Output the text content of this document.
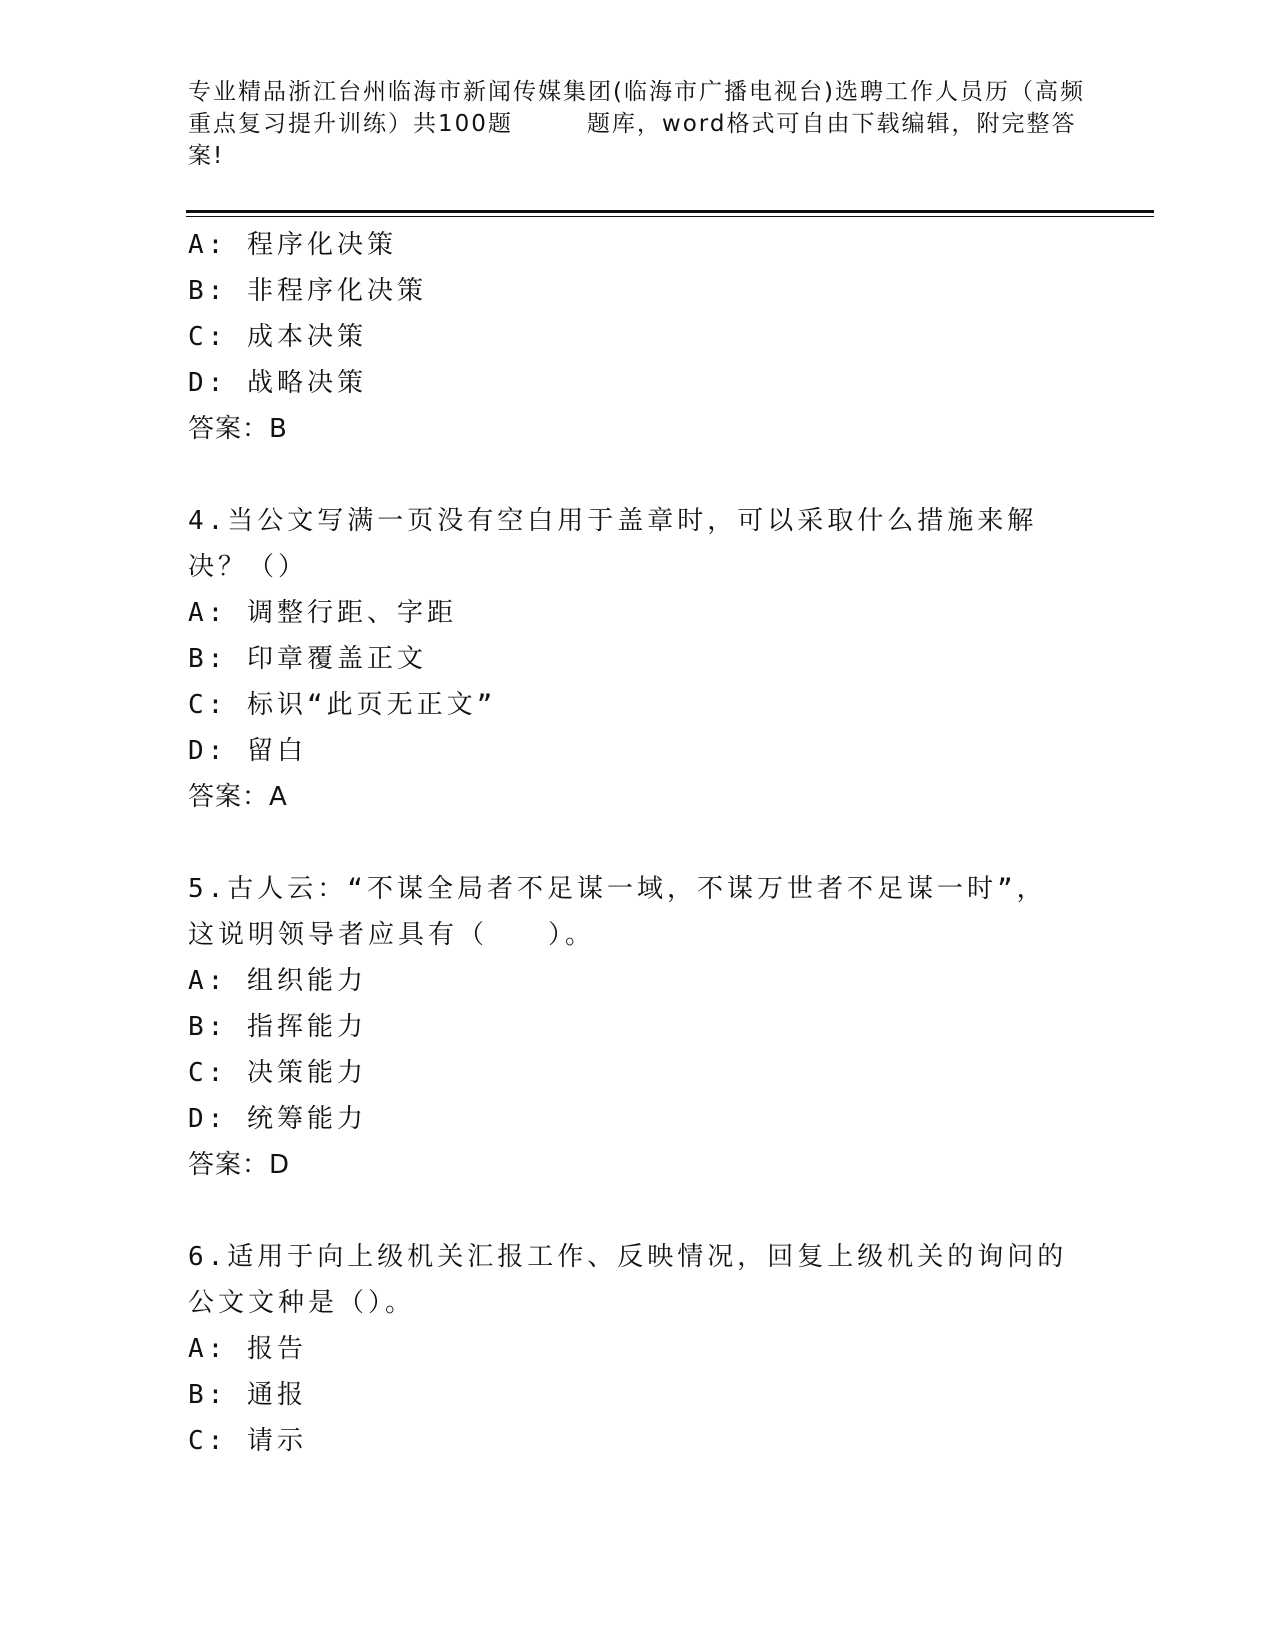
专业精品浙江台州临海市新闻传媒集团(临海市广播电视台)选聘工作人员历（高频重点复习提升训练）共100题	题库，word格式可自由下载编辑，附完整答案!
A: 程序化决策
B: 非程序化决策
C: 成本决策
D: 战略决策
答案：B
4.当公文写满一页没有空白用于盖章时，可以采取什么措施来解决？（）
A: 调整行距、字距
B: 印章覆盖正文
C: 标识“此页无正文”
D: 留白
答案：A
5.古人云：“不谋全局者不足谋一域，不谋万世者不足谋一时”，这说明领导者应具有（　　）。
A: 组织能力
B: 指挥能力
C: 决策能力
D: 统筹能力
答案：D
6.适用于向上级机关汇报工作、反映情况，回复上级机关的询问的公文文种是（）。
A: 报告
B: 通报
C: 请示
